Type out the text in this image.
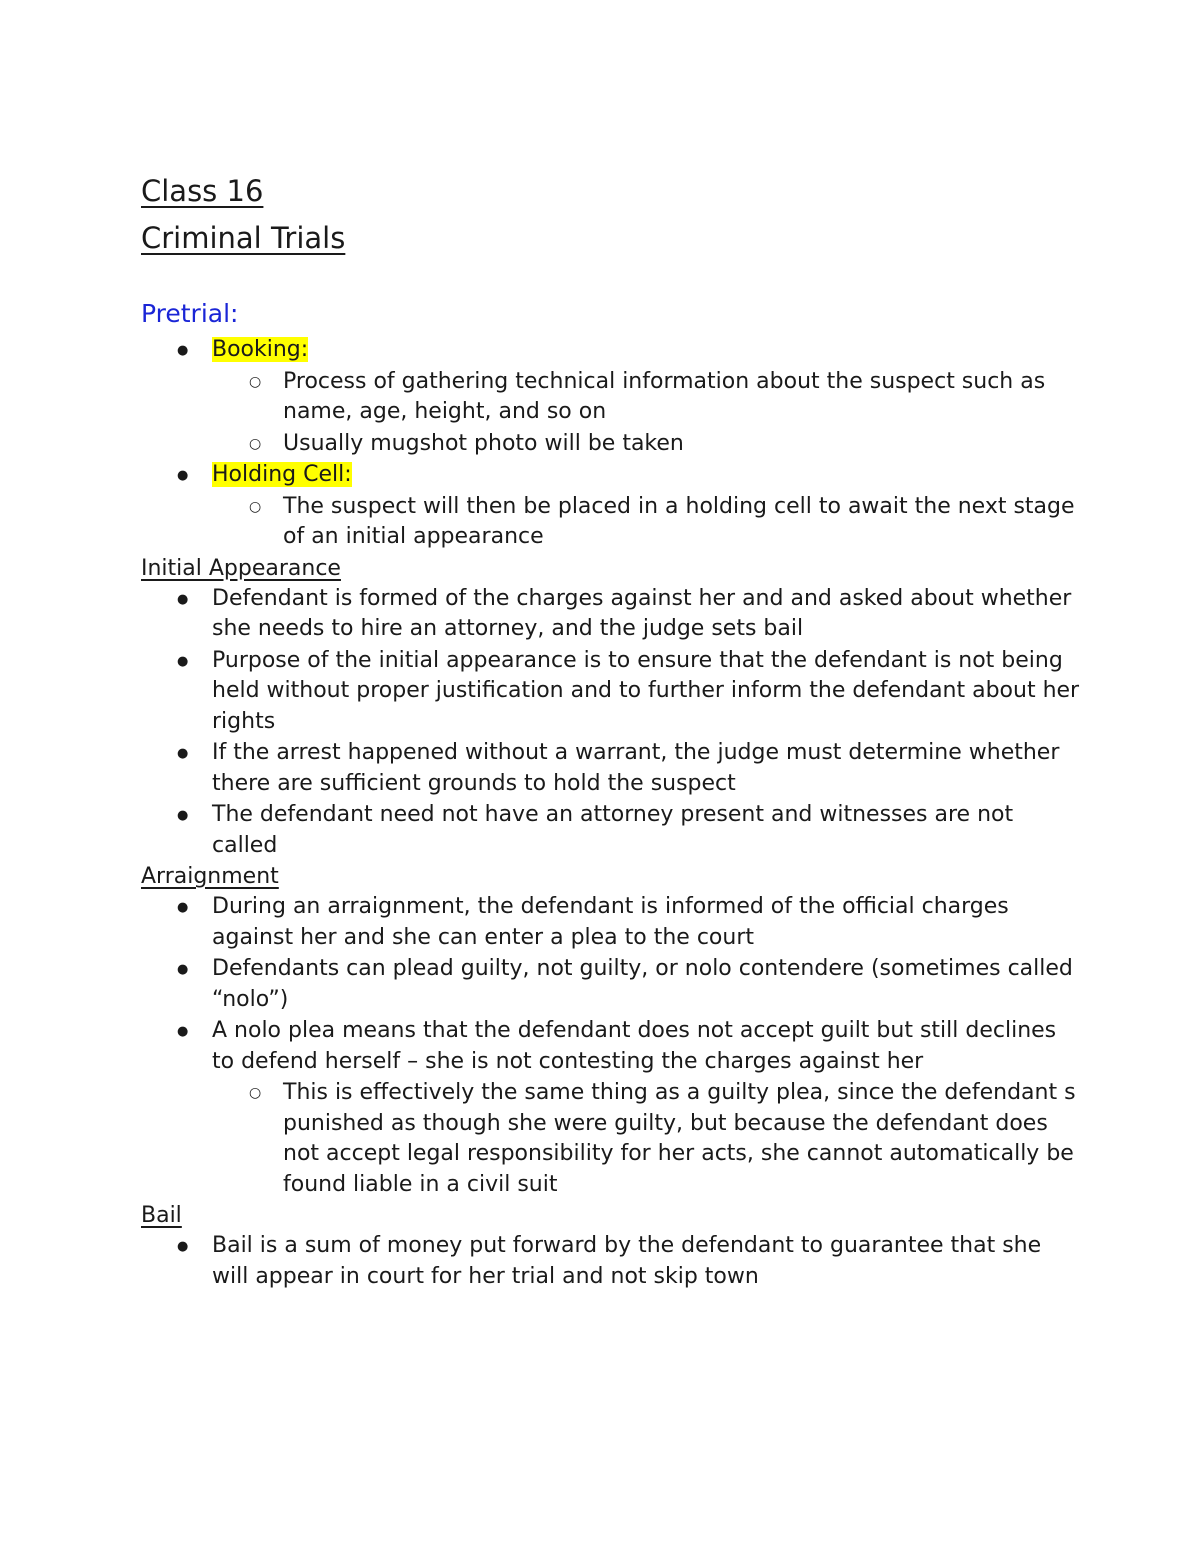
Class 16
Criminal Trials
Pretrial:
● Booking:
○ Process of gathering technical information about the suspect such as name, age, height, and so on
○ Usually mugshot photo will be taken
● Holding Cell:
○ The suspect will then be placed in a holding cell to await the next stage of an initial appearance
Initial Appearance
● Defendant is formed of the charges against her and and asked about whether she needs to hire an attorney, and the judge sets bail
● Purpose of the initial appearance is to ensure that the defendant is not being held without proper justification and to further inform the defendant about her rights
● If the arrest happened without a warrant, the judge must determine whether there are sufficient grounds to hold the suspect
● The defendant need not have an attorney present and witnesses are not called
Arraignment
● During an arraignment, the defendant is informed of the official charges against her and she can enter a plea to the court
● Defendants can plead guilty, not guilty, or nolo contendere (sometimes called “nolo”)
● A nolo plea means that the defendant does not accept guilt but still declines to defend herself – she is not contesting the charges against her
○ This is effectively the same thing as a guilty plea, since the defendant s punished as though she were guilty, but because the defendant does not accept legal responsibility for her acts, she cannot automatically be found liable in a civil suit
Bail
● Bail is a sum of money put forward by the defendant to guarantee that she will appear in court for her trial and not skip town
